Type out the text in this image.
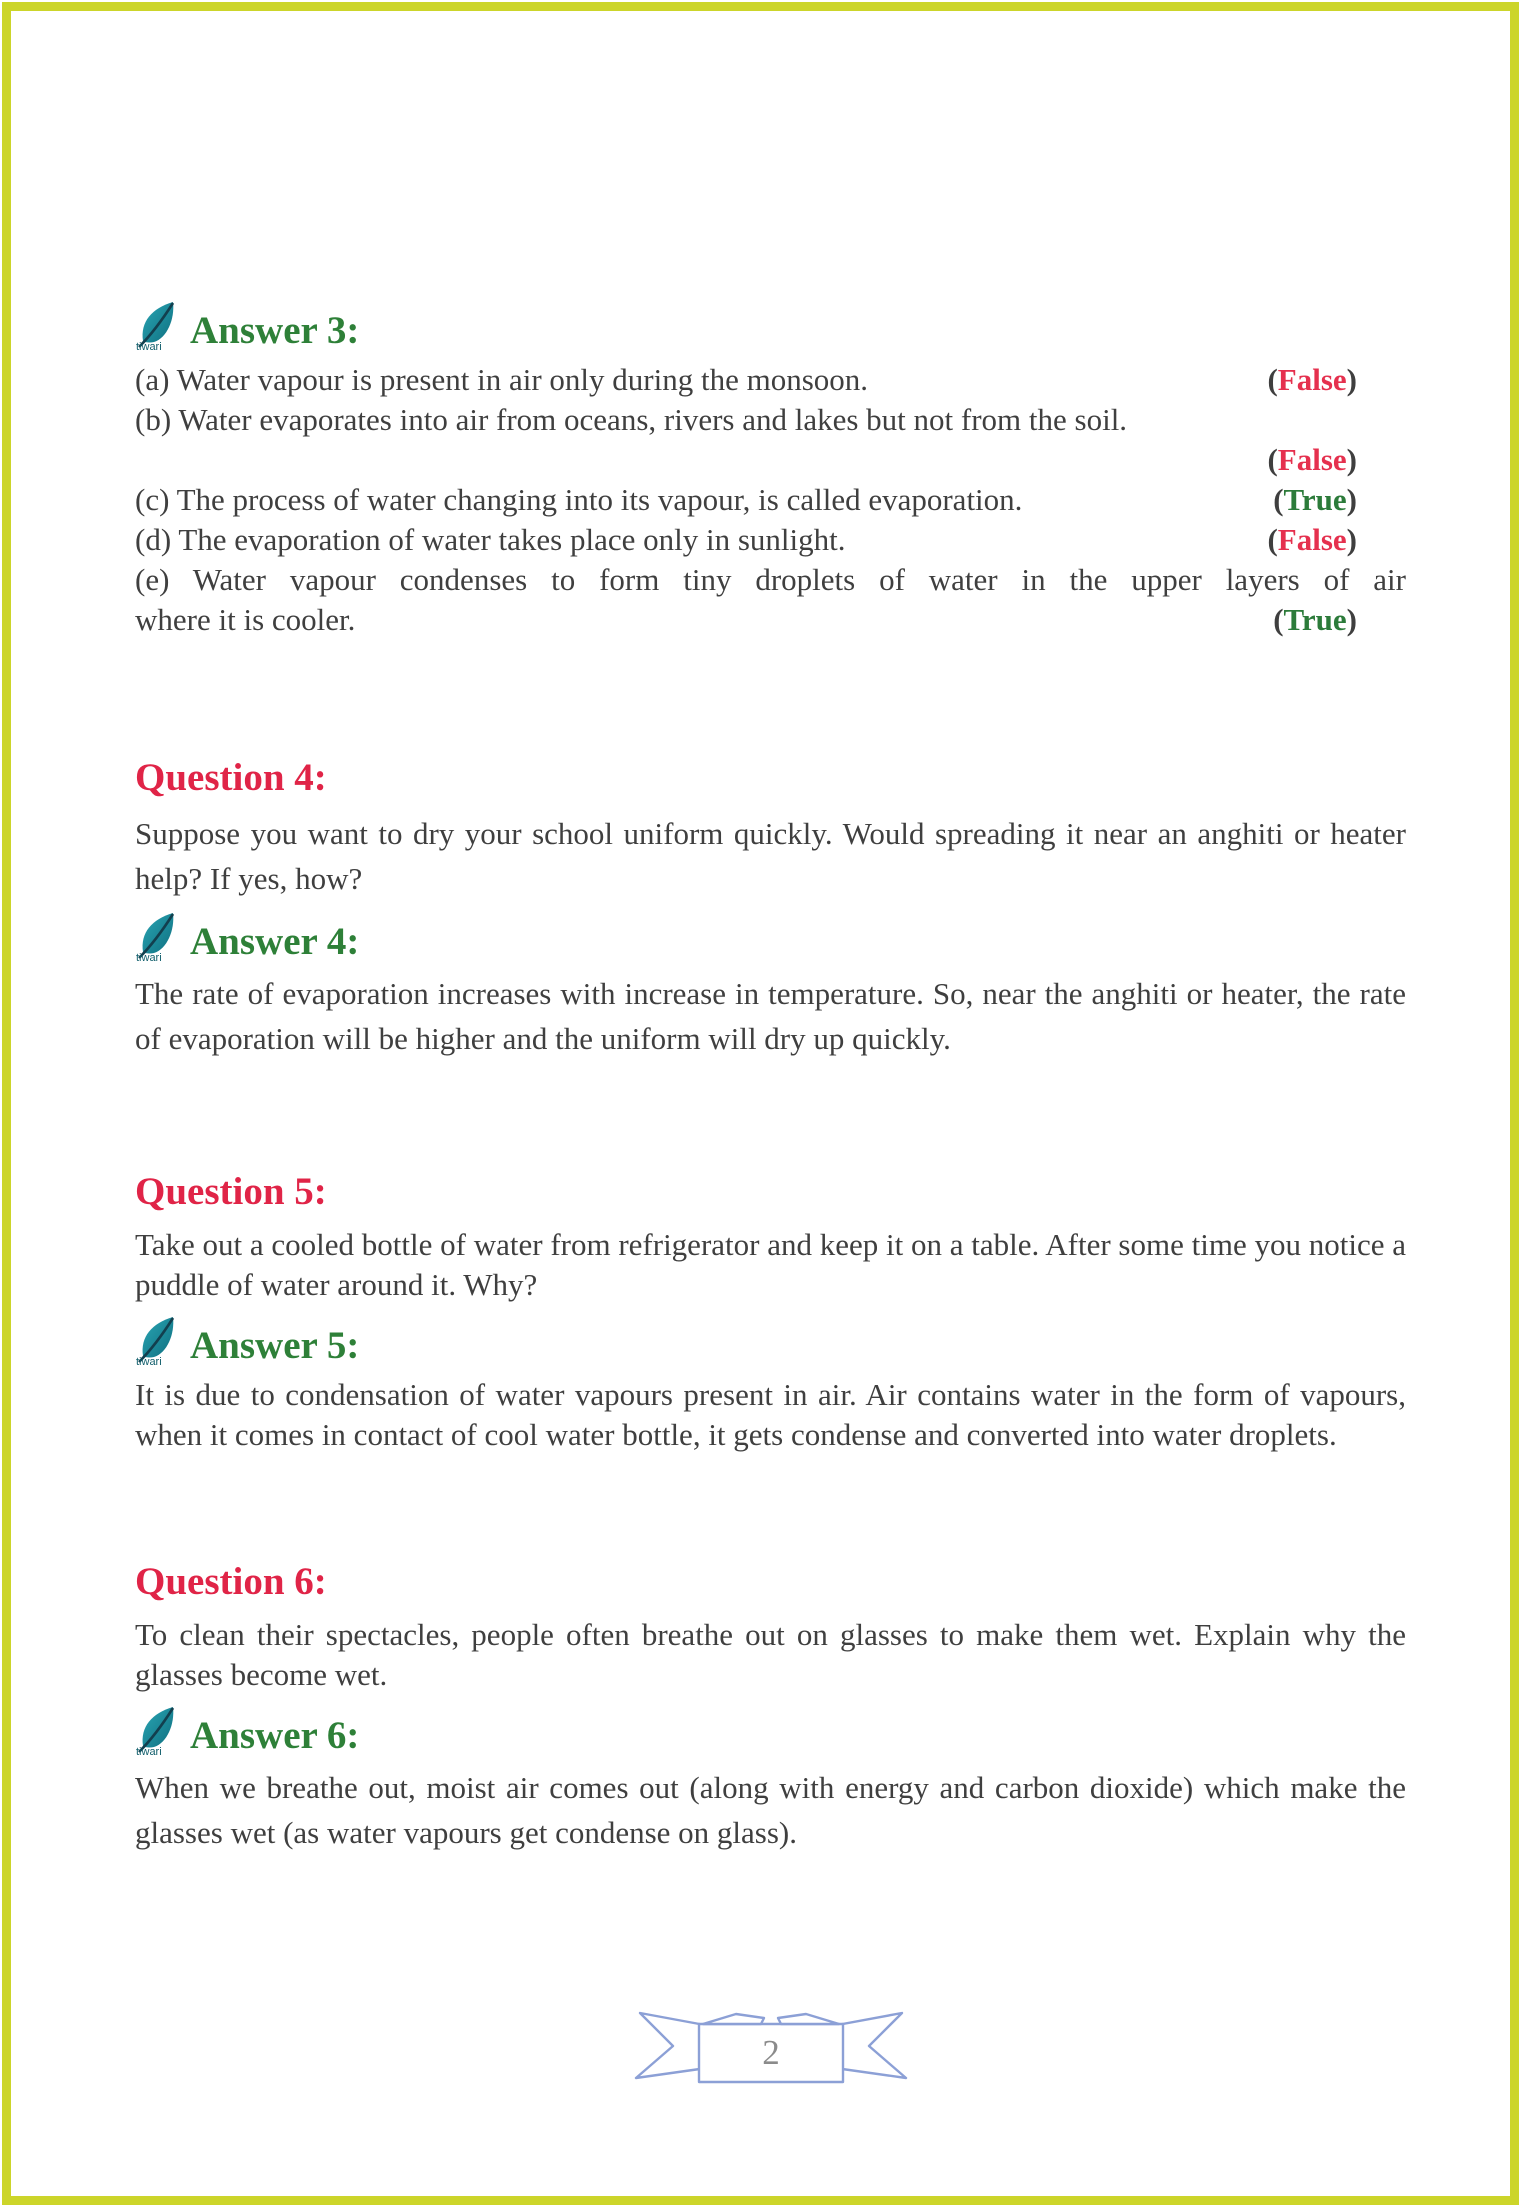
tiwari Answer 3:
(a) Water vapour is present in air only during the monsoon.	(False)
(b) Water evaporates into air from oceans, rivers and lakes but not from the soil.
(False)
(c) The process of water changing into its vapour, is called evaporation.	(True)
(d) The evaporation of water takes place only in sunlight.	(False)
(e) Water vapour condenses to form tiny droplets of water in the upper layers of air
where it is cooler.	(True)
Question 4:

Suppose you want to dry your school uniform quickly. Would spreading it near an anghiti or heater help? If yes, how?

tiwari Answer 4:

The rate of evaporation increases with increase in temperature. So, near the anghiti or heater, the rate of evaporation will be higher and the uniform will dry up quickly.

Question 5:

Take out a cooled bottle of water from refrigerator and keep it on a table. After some time you notice a puddle of water around it. Why?

tiwari Answer 5:

It is due to condensation of water vapours present in air. Air contains water in the form of vapours, when it comes in contact of cool water bottle, it gets condense and converted into water droplets.

Question 6:

To clean their spectacles, people often breathe out on glasses to make them wet. Explain why the glasses become wet.

tiwari Answer 6:

When we breathe out, moist air comes out (along with energy and carbon dioxide) which make the glasses wet (as water vapours get condense on glass).

2
